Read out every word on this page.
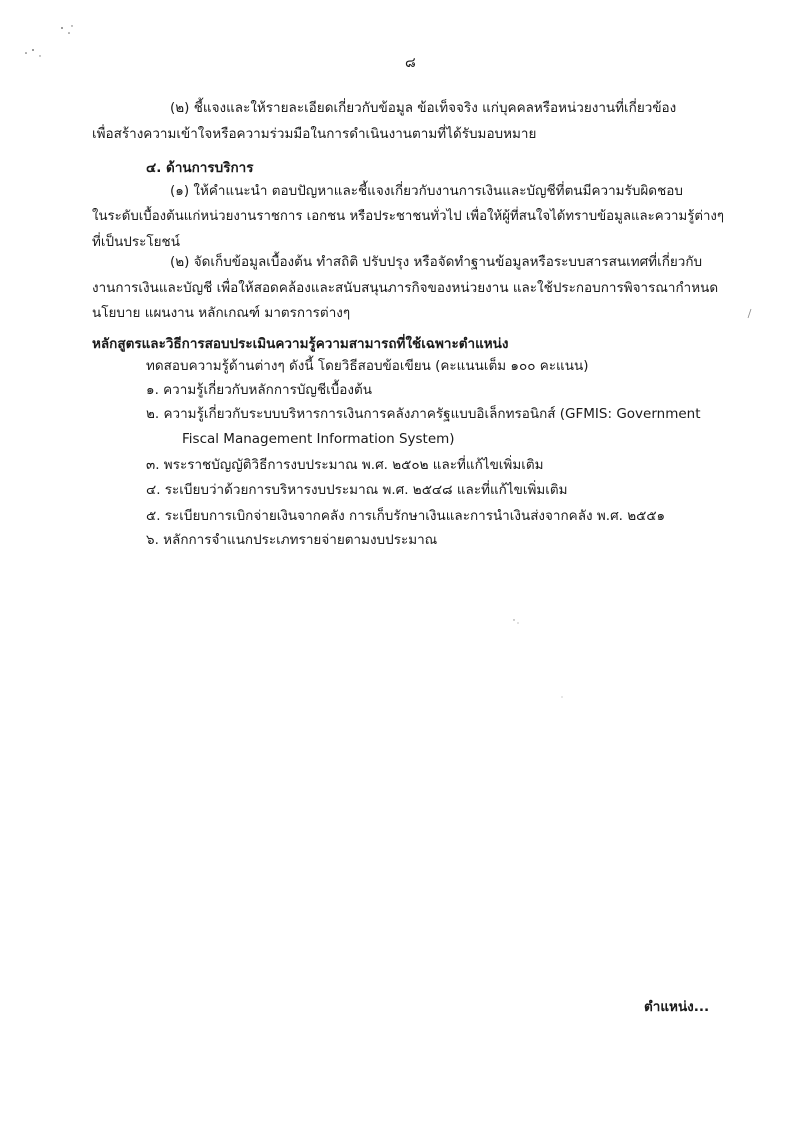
๘
(๒) ชี้แจงและให้รายละเอียดเกี่ยวกับข้อมูล ข้อเท็จจริง แก่บุคคลหรือหน่วยงานที่เกี่ยวข้อง
เพื่อสร้างความเข้าใจหรือความร่วมมือในการดำเนินงานตามที่ได้รับมอบหมาย
๔. ด้านการบริการ
(๑) ให้คำแนะนำ ตอบปัญหาและชี้แจงเกี่ยวกับงานการเงินและบัญชีที่ตนมีความรับผิดชอบ
ในระดับเบื้องต้นแก่หน่วยงานราชการ เอกชน หรือประชาชนทั่วไป เพื่อให้ผู้ที่สนใจได้ทราบข้อมูลและความรู้ต่างๆ
ที่เป็นประโยชน์
(๒) จัดเก็บข้อมูลเบื้องต้น ทำสถิติ ปรับปรุง หรือจัดทำฐานข้อมูลหรือระบบสารสนเทศที่เกี่ยวกับ
งานการเงินและบัญชี เพื่อให้สอดคล้องและสนับสนุนภารกิจของหน่วยงาน และใช้ประกอบการพิจารณากำหนด
นโยบาย แผนงาน หลักเกณฑ์ มาตรการต่างๆ
หลักสูตรและวิธีการสอบประเมินความรู้ความสามารถที่ใช้เฉพาะตำแหน่ง
ทดสอบความรู้ด้านต่างๆ ดังนี้ โดยวิธีสอบข้อเขียน (คะแนนเต็ม ๑๐๐ คะแนน)
๑. ความรู้เกี่ยวกับหลักการบัญชีเบื้องต้น
๒. ความรู้เกี่ยวกับระบบบริหารการเงินการคลังภาครัฐแบบอิเล็กทรอนิกส์ (GFMIS: Government
Fiscal Management Information System)
๓. พระราชบัญญัติวิธีการงบประมาณ พ.ศ. ๒๕๐๒ และที่แก้ไขเพิ่มเติม
๔. ระเบียบว่าด้วยการบริหารงบประมาณ พ.ศ. ๒๕๔๘ และที่แก้ไขเพิ่มเติม
๕. ระเบียบการเบิกจ่ายเงินจากคลัง การเก็บรักษาเงินและการนำเงินส่งจากคลัง พ.ศ. ๒๕๕๑
๖. หลักการจำแนกประเภทรายจ่ายตามงบประมาณ
ตำแหน่ง...
